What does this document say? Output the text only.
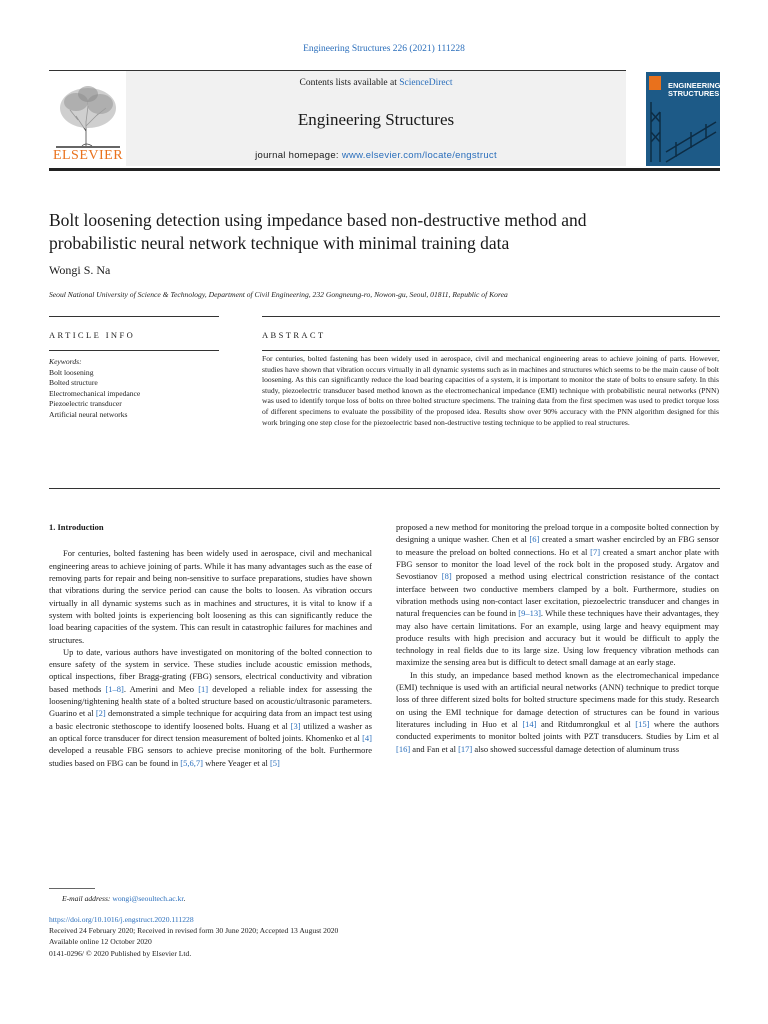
Engineering Structures 226 (2021) 111228
Contents lists available at ScienceDirect
Engineering Structures
journal homepage: www.elsevier.com/locate/engstruct
ELSEVIER
ENGINEERING
STRUCTURES
Bolt loosening detection using impedance based non-destructive method and
probabilistic neural network technique with minimal training data
Wongi S. Na
Seoul National University of Science & Technology, Department of Civil Engineering, 232 Gongneung-ro, Nowon-gu, Seoul, 01811, Republic of Korea
ARTICLE INFO	ABSTRACT
Keywords:
Bolt loosening
Bolted structure
Electromechanical impedance
Piezoelectric transducer
Artificial neural networks
For centuries, bolted fastening has been widely used in aerospace, civil and mechanical engineering areas to achieve joining of parts. However, studies have shown that vibration occurs virtually in all dynamic systems such as in machines and structures which seems to be the main cause of bolt loosening. As this can significantly reduce the load bearing capacities of a system, it is important to monitor the state of bolts to ensure safety. In this study, piezoelectric transducer based method known as the electromechanical impedance (EMI) technique with probabilistic neural networks (PNN) was used to identify torque loss of bolts on three bolted structure specimens. The training data from the first specimen was used to predict torque loss of different specimens to evaluate the possibility of the proposed idea. Results show over 90% accuracy with the PNN algorithm designed for this work bringing one step close for the piezoelectric based non-destructive testing technique to be applied to real structures.
1. Introduction

For centuries, bolted fastening has been widely used in aerospace, civil and mechanical engineering areas to achieve joining of parts. While it has many advantages such as the ease of removing parts for repair and being non-sensitive to surface preparations, studies have shown that vibrations during the service period can cause the bolts to loosen. As vibration occurs virtually in all dynamic systems such as in machines and structures, it is vital to know if a system with bolted joints is experiencing bolt loosening as this can significantly reduce the load bearing capacities of the system. This can result in catastrophic failures for machines and structures.

Up to date, various authors have investigated on monitoring of the bolted connection to ensure safety of the system in service. These studies include acoustic emission methods, optical inspections, fiber Bragg-grating (FBG) sensors, electrical conductivity and vibration based methods [1–8]. Amerini and Meo [1] developed a reliable index for assessing the loosening/tightening health state of a bolted structure based on acoustic/ultrasonic parameters. Guarino et al [2] demonstrated a simple technique for acquiring data from an impact test using a basic electronic stethoscope to identify loosened bolts. Huang et al [3] utilized a washer as an optical force transducer for direct tension measurement of bolted joints. Khomenko et al [4] developed a reusable FBG sensors to achieve precise monitoring of the bolt. Furthermore studies based on FBG can be found in [5,6,7] where Yeager et al [5]

proposed a new method for monitoring the preload torque in a composite bolted connection by designing a unique washer. Chen et al [6] created a smart washer encircled by an FBG sensor to measure the preload on bolted connections. Ho et al [7] created a smart anchor plate with FBG sensor to monitor the load level of the rock bolt in the proposed study. Argatov and Sevostianov [8] proposed a method using electrical constriction resistance of the contact interface between two conductive members clamped by a bolt. Furthermore, studies on vibration methods using non-contact laser excitation, piezoelectric transducer and changes in natural frequencies can be found in [9–13]. While these techniques have their advantages, they may also have certain limitations. For an example, using large and heavy equipment may produce results with high precision and accuracy but it would be difficult to apply the technology in real fields due to its large size. Using low frequency vibration methods can maximize the sensing area but is difficult to detect small damage at an early stage.

In this study, an impedance based method known as the electromechanical impedance (EMI) technique is used with an artificial neural networks (ANN) technique to predict torque loss of three different sized bolts for bolted structure specimens made for this study. Research on using the EMI technique for damage detection of structures can be found in various literatures including in Huo et al [14] and Ritdumrongkul et al [15] where the authors conducted experiments to monitor bolted joints with PZT transducers. Studies by Lim et al [16] and Fan et al [17] also showed successful damage detection of aluminum truss

E-mail address: wongi@seoultech.ac.kr.
https://doi.org/10.1016/j.engstruct.2020.111228
Received 24 February 2020; Received in revised form 30 June 2020; Accepted 13 August 2020
Available online 12 October 2020
0141-0296/ © 2020 Published by Elsevier Ltd.
